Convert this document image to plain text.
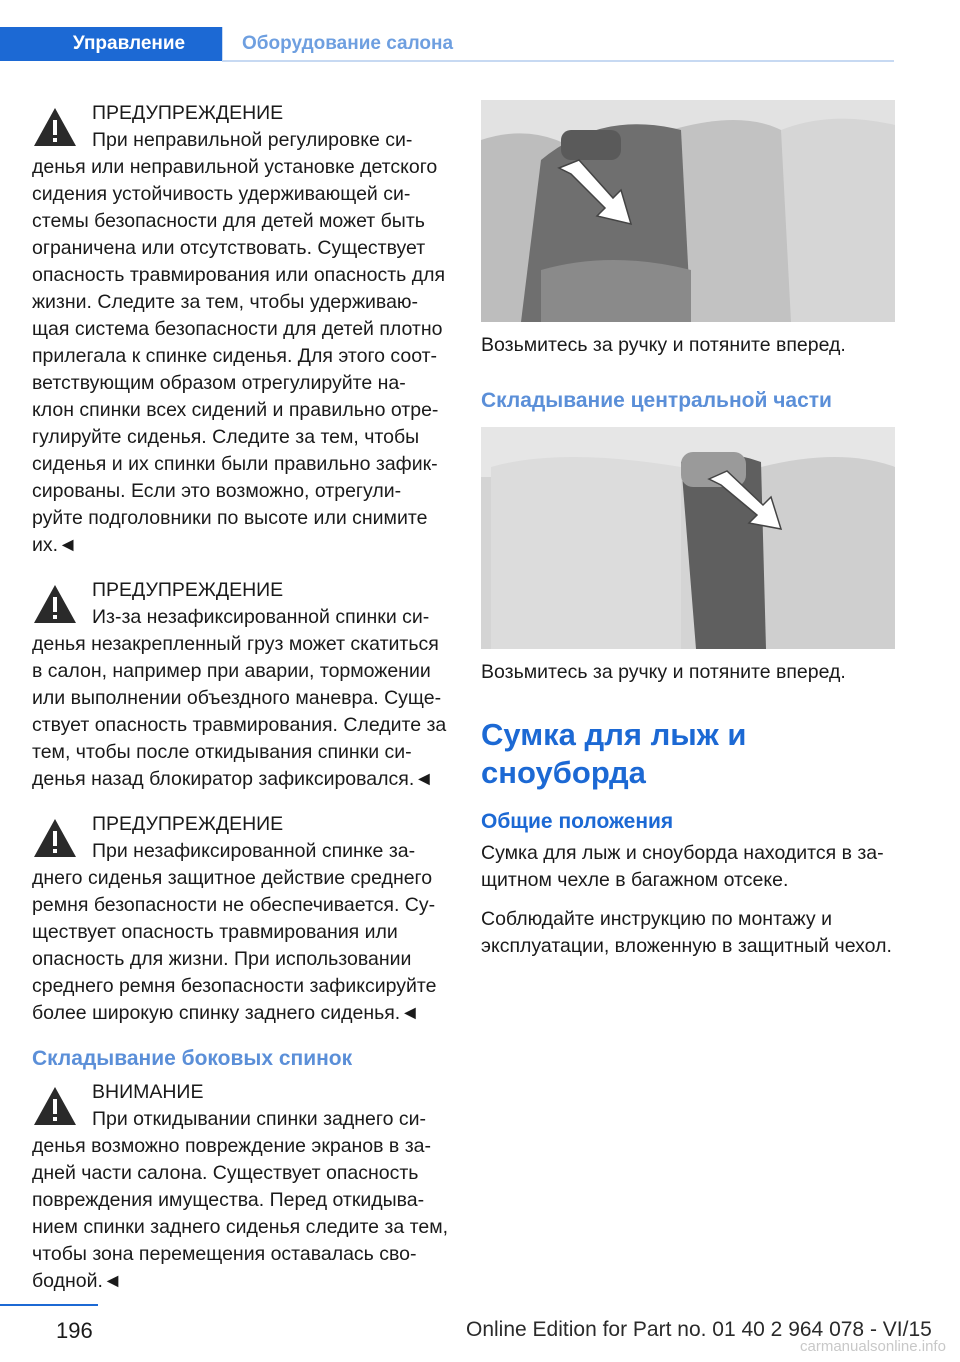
Управление	Оборудование салона
ПРЕДУПРЕЖДЕНИЕ
При неправильной регулировке си-
денья или неправильной установке детского
сидения устойчивость удерживающей си-
стемы безопасности для детей может быть
ограничена или отсутствовать. Существует
опасность травмирования или опасность для
жизни. Следите за тем, чтобы удерживаю-
щая система безопасности для детей плотно
прилегала к спинке сиденья. Для этого соот-
ветствующим образом отрегулируйте на-
клон спинки всех сидений и правильно отре-
гулируйте сиденья. Следите за тем, чтобы
сиденья и их спинки были правильно зафик-
сированы. Если это возможно, отрегули-
руйте подголовники по высоте или снимите
их.◄
ПРЕДУПРЕЖДЕНИЕ
Из-за незафиксированной спинки си-
денья незакрепленный груз может скатиться
в салон, например при аварии, торможении
или выполнении объездного маневра. Суще-
ствует опасность травмирования. Следите за
тем, чтобы после откидывания спинки си-
денья назад блокиратор зафиксировался.◄
ПРЕДУПРЕЖДЕНИЕ
При незафиксированной спинке за-
днего сиденья защитное действие среднего
ремня безопасности не обеспечивается. Су-
ществует опасность травмирования или
опасность для жизни. При использовании
среднего ремня безопасности зафиксируйте
более широкую спинку заднего сиденья.◄
Складывание боковых спинок
ВНИМАНИЕ
При откидывании спинки заднего си-
денья возможно повреждение экранов в за-
дней части салона. Существует опасность
повреждения имущества. Перед откидыва-
нием спинки заднего сиденья следите за тем,
чтобы зона перемещения оставалась сво-
бодной.◄
Возьмитесь за ручку и потяните вперед.
Складывание центральной части
Возьмитесь за ручку и потяните вперед.
Сумка для лыж и сноуборда
Общие положения
Сумка для лыж и сноуборда находится в за-
щитном чехле в багажном отсеке.
Соблюдайте инструкцию по монтажу и
эксплуатации, вложенную в защитный чехол.
196	Online Edition for Part no. 01 40 2 964 078 - VI/15
carmanualsonline.info
